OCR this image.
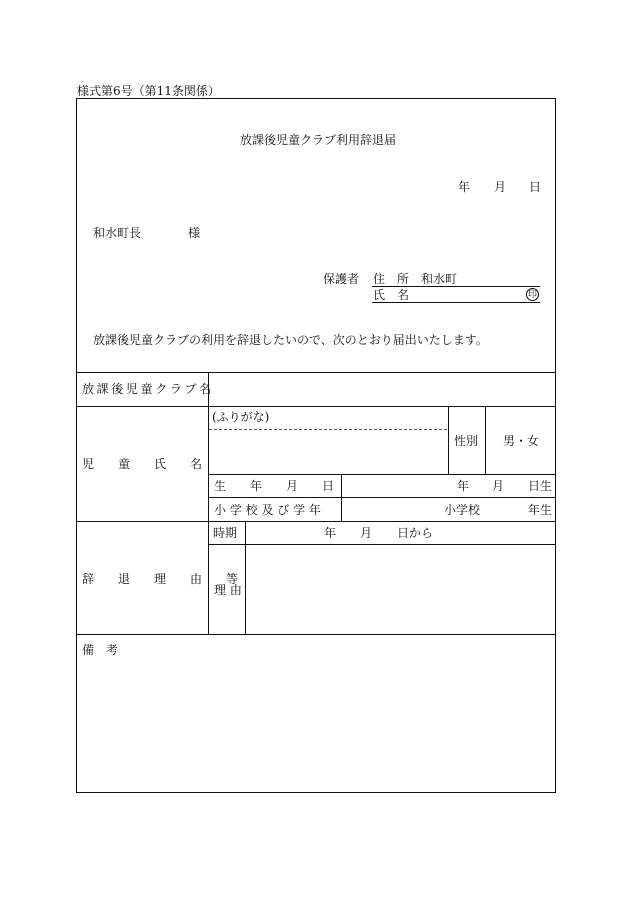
様式第6号（第11条関係）
放課後児童クラブ利用辞退届
年 月 日
和水町長	様
保護者 住　所 和水町
氏　名	印
放課後児童クラブの利用を辞退したいので、次のとおり届出いたします。
放課後児童クラブ名
(ふりがな)
児　　童　　氏　　名
性別 男・女
生　　年　　月　　日	年 月 日生
小 学 校 及 び 学 年	小学校	年生
辞　　退　　理　　由　　等
時期	年 月 日から
理 由
備　考
